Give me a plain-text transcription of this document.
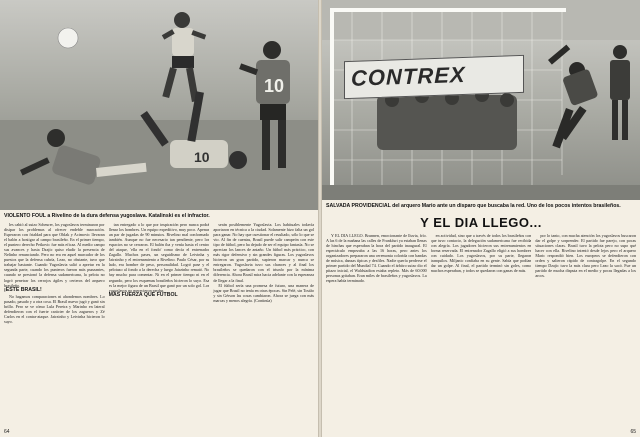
10
10
VIOLENTO FOUL a Rivelino de la dura defensa yugoslava. Katalinski es el infractor.

les cabió al suizo Scheurer, los yugoslavos terminaron por disipar los problemas al ofrecer endeble marcación. Esperaron con frialdad para que Oblak y Acimovic llevaran el balón a hostigar al campo brasileño. En el primer tiempo, el puntero derecho Petkovic fue más eficaz. Al medio campo sus avances y hasta Dzajic quiso eludir la presencia de Nelinho renunciando. Pero no era en aquel marcador de los puestos que la defensa cubría, Leao, no obstante, tuvo que trabajar bastante. Cuando Yugoslavia salió a apretar en la segunda parte, cuando los punteros fueron más punzantes, cuando se presionó la defensa sudamericana, la pelota no logró penetrar los cerrojos ágiles y certeros del arquero brasileño.

¡ESTE BRASIL!

No hagamos comparaciones ni ahondemos nombres. Lo pasado, pasado y a otra cosa. El Brasil nuevo jugó y ganó sin brillo. Pero se ve cómo Lula Pereira y Marinho en lateral defendieron con el fuerte carácter de los zagueros y Zé Carlos en el contra-ataque. Jairzinho y Leivinha hicieron lo suyo.

tan entregado a lo que por inspiración pero nunca podrá llenar los hombres. Un equipo expeditivo, muy poco. Apenas un par de jugadas de 90 minutos. Rivelino mal conformado también. Aunque no fue necesario tan pendiente, pero los espacios no se cerraron. El balón iba y venía hasta el centro del ataque, 'ella en el fondo' como decía el entrenador Zagallo. Muchos pases, un seguidismo de Leivinha y Jairzinho y el entrenamiento a Rivelino. Paulo César, por su lado, era hombre de peso, personalidad. Logró pase y el pelotazo al fondo a la derecha y luego Jairzinho remató. No hay mucho para comentar. Ni en el primer tiempo ni en el segundo, pero los esquemas brasileños hicieron lo suyo. Esa es la mejor figura de un Brasil que ganó por un solo gol. Los yugoslavos no merecieron perder.

MÁS FUERZA QUE FÚTBOL

serán posiblemente Yugoslavia. Los habituales todavía aportaron en técnica a la ciudad. Solamente hizo falta un gol para ganar. No hay que cuestionar el resultado, sólo lo que se vio. Al fin de cuentas, Brasil puede salir campeón con este tipo de fútbol, pero ha dejado de ser el equipo fantasía. No se aprecian los lances de antaño. Un fútbol más práctico, con más rigor defensivo y sin grandes figuras. Los yugoslavos hicieron un gran partido, supieron marcar y nunca se entregaron. Yugoslavia tuvo sus chances y al final los brasileños se quedaron con el triunfo por la mínima diferencia. Ahora Brasil mira hacia adelante con la esperanza de llegar a la final.

El fútbol sería una promesa de futuro, una manera de jugar que Brasil no tenía en otras épocas. Sin Pelé, sin Tostão y sin Gérson las cosas cambiaron. Ahora se juega con más marcas y menos alegría. (Continúa)

64
CONTREX
SALVADA PROVIDENCIAL del arquero Mario ante un disparo que buscaba la red. Uno de los pocos intentos brasileños.
Y EL DIA LLEGO...

Y EL DIA LLEGO. Brunnen, emocionante de lluvia, frío. A las 6 de la mañana las calles de Frankfurt ya estaban llenas de hinchas que esperaban la hora del partido inaugural. El espectáculo empezaba a las 16 horas, pero antes los organizadores prepararon una ceremonia colorida con bandas de música, danzas típicas y desfiles. Nadie quería perderse el primer partido del Mundial 74. Cuando el árbitro suizo dio el pitazo inicial, el Waldstadion estaba repleto. Más de 60.000 personas gritaban. Eran miles de brasileños y yugoslavos. La espera había terminado.

en actividad, sino que a través de todos los brasileños con que tuvo contacto, la delegación sudamericana fue recibida con alegría. Los jugadores hicieron sus entrenamientos en forma reservada. El entrenador Zagallo eligió a sus hombres con cuidado. Los yugoslavos, por su parte, llegaron tranquilos. Miljanic confiaba en su gente. Sabía que podían dar un golpe. Al final, el partido terminó sin goles, como muchos esperaban, y todos se quedaron con ganas de más.

por lo tanto, con mucha atención los yugoslavos buscaron dar el golpe y sorprender. El partido fue parejo, con pocas situaciones claras. Brasil tuvo la pelota pero no supo qué hacer con ella. Rivelino intentó desde lejos pero el arquero Maric respondió bien. Los europeos se defendieron con orden y salieron rápido de contragolpe. En el segundo tiempo Dzajic tuvo la más clara pero Leao la sacó. Fue un partido de mucha disputa en el medio y pocas llegadas a los arcos.

65
